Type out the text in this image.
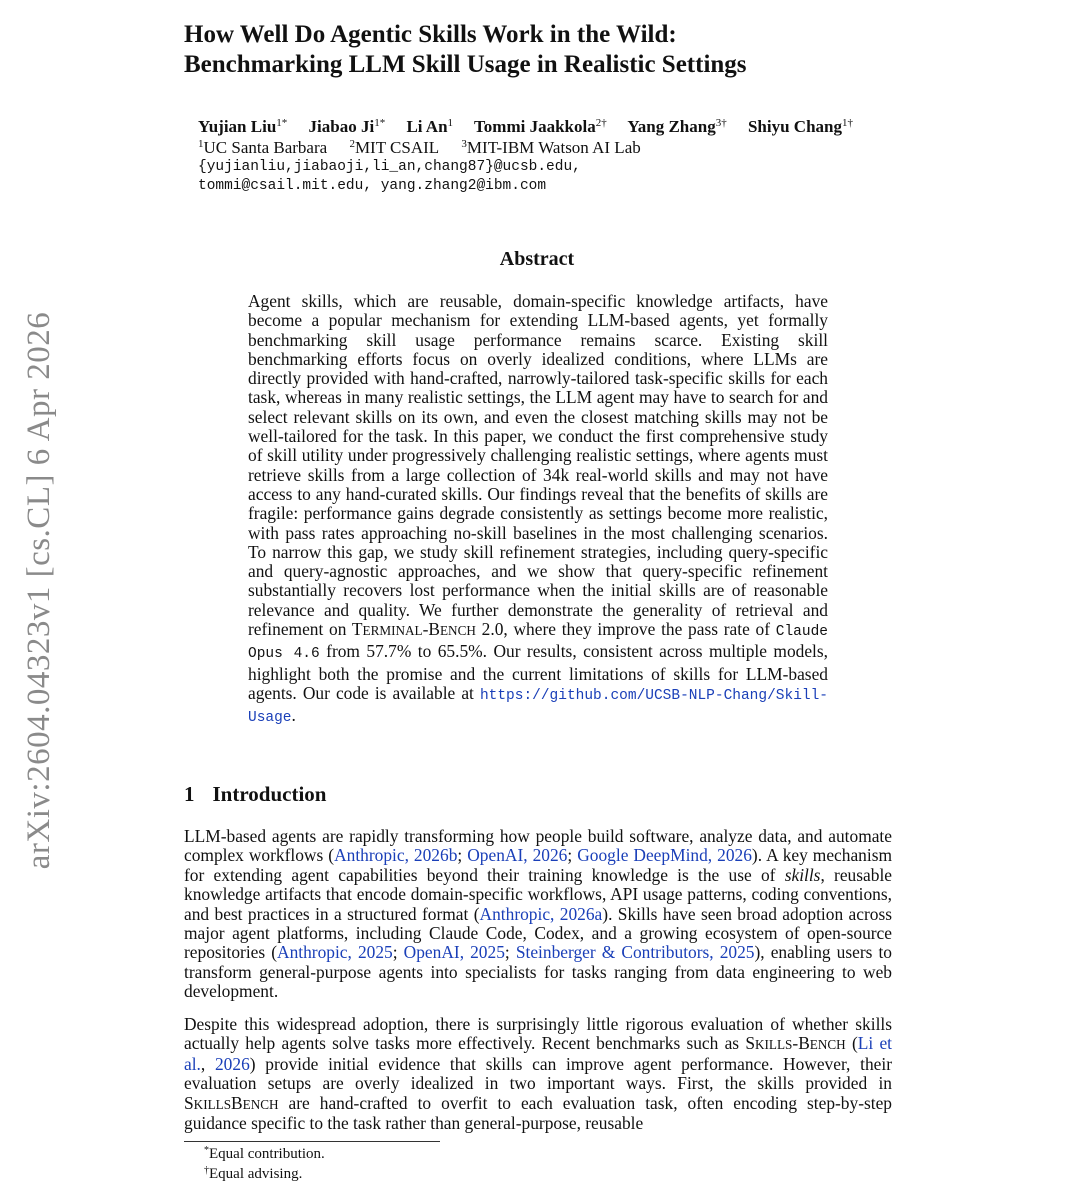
arXiv:2604.04323v1 [cs.CL] 6 Apr 2026
How Well Do Agentic Skills Work in the Wild:
Benchmarking LLM Skill Usage in Realistic Settings
Yujian Liu$^{1*}$ Jiabao $Ji^{1*}$ Li An$^1$ Tommi Jaakkola$^{2\dagger}$ Yang Zhang$^{3\dagger}$ Shiyu Chang$^{1\dagger}$
$^1$UC Santa Barbara $^2$MIT CSAIL $^3$MIT-IBM Watson AI Lab
{yujianliu,jiabaoji,li_an,chang87}@ucsb.edu,
tommi@csail.mit.edu, yang.zhang2@ibm.com
Abstract
Agent skills, which are reusable, domain-specific knowledge artifacts, have become a popular mechanism for extending LLM-based agents, yet formally benchmarking skill usage performance remains scarce. Existing skill benchmarking efforts focus on overly idealized conditions, where LLMs are directly provided with hand-crafted, narrowly-tailored task-specific skills for each task, whereas in many realistic settings, the LLM agent may have to search for and select relevant skills on its own, and even the closest matching skills may not be well-tailored for the task. In this paper, we conduct the first comprehensive study of skill utility under progressively challenging realistic settings, where agents must retrieve skills from a large collection of 34k real-world skills and may not have access to any hand-curated skills. Our findings reveal that the benefits of skills are fragile: performance gains degrade consistently as settings become more realistic, with pass rates approaching no-skill baselines in the most challenging scenarios. To narrow this gap, we study skill refinement strategies, including query-specific and query-agnostic approaches, and we show that query-specific refinement substantially recovers lost performance when the initial skills are of reasonable relevance and quality. We further demonstrate the generality of retrieval and refinement on TERMINAL-BENCH 2.0, where they improve the pass rate of Claude Opus 4.6 from 57.7% to 65.5%. Our results, consistent across multiple models, highlight both the promise and the current limitations of skills for LLM-based agents. Our code is available at https://github.com/UCSB-NLP-Chang/Skill-Usage.
1 Introduction
LLM-based agents are rapidly transforming how people build software, analyze data, and automate complex workflows (Anthropic, 2026b; OpenAI, 2026; Google DeepMind, 2026). A key mechanism for extending agent capabilities beyond their training knowledge is the use of skills, reusable knowledge artifacts that encode domain-specific workflows, API usage patterns, coding conventions, and best practices in a structured format (Anthropic, 2026a). Skills have seen broad adoption across major agent platforms, including Claude Code, Codex, and a growing ecosystem of open-source repositories (Anthropic, 2025; OpenAI, 2025; Steinberger & Contributors, 2025), enabling users to transform general-purpose agents into specialists for tasks ranging from data engineering to web development.
Despite this widespread adoption, there is surprisingly little rigorous evaluation of whether skills actually help agents solve tasks more effectively. Recent benchmarks such as SKILLS-BENCH (Li et al., 2026) provide initial evidence that skills can improve agent performance. However, their evaluation setups are overly idealized in two important ways. First, the skills provided in SKILLSBENCH are hand-crafted to overfit to each evaluation task, often encoding step-by-step guidance specific to the task rather than general-purpose, reusable
*Equal contribution.
†Equal advising.
